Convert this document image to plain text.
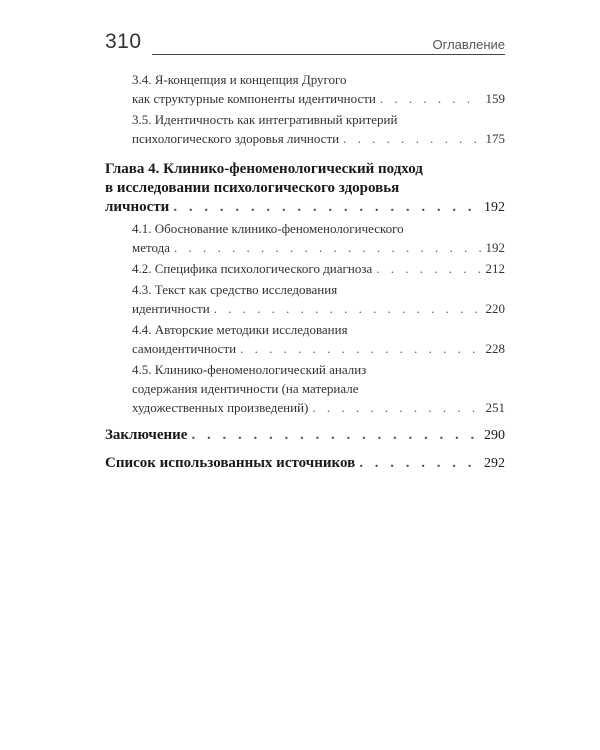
310	Оглавление
3.4. Я-концепция и концепция Другого
как структурные компоненты идентичности . . .	159
3.5. Идентичность как интегративный критерий
психологического здоровья личности . . .	175
Глава 4. Клинико-феноменологический подход
в исследовании психологического здоровья
личности . . .	192
4.1. Обоснование клинико-феноменологического
метода . . .	192
4.2. Специфика психологического диагноза . . .	212
4.3. Текст как средство исследования
идентичности . . .	220
4.4. Авторские методики исследования
самоидентичности . . .	228
4.5. Клинико-феноменологический анализ
содержания идентичности (на материале
художественных произведений) . . .	251
Заключение . . .	290
Список использованных источников . . .	292
